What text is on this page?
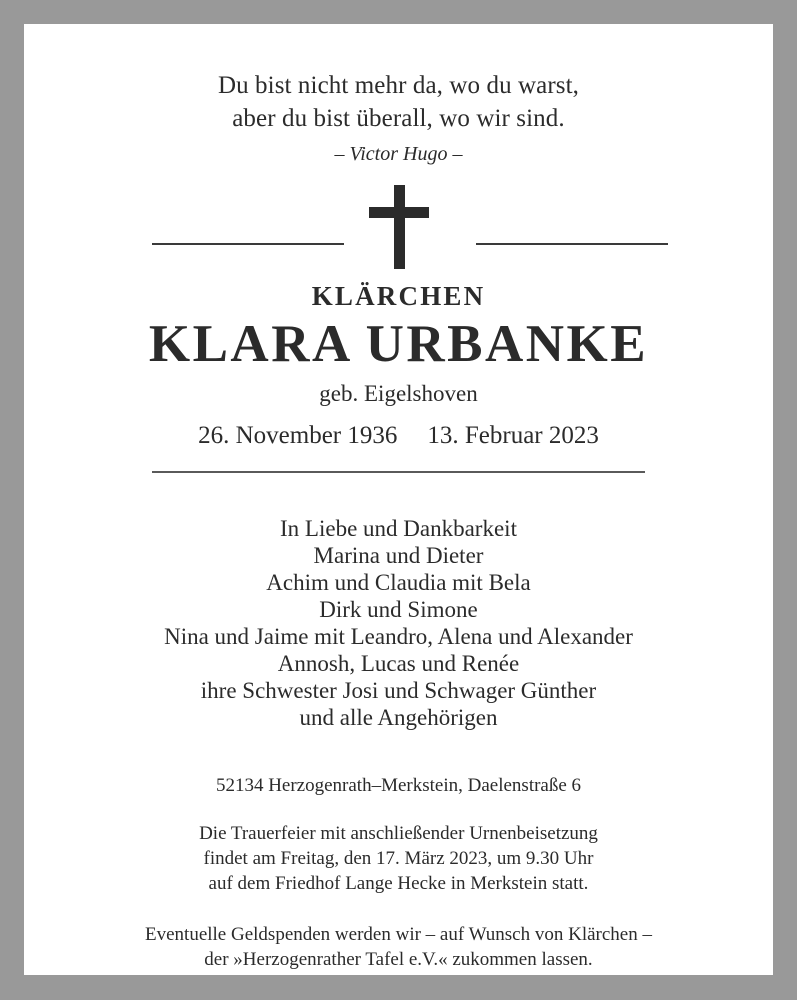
Du bist nicht mehr da, wo du warst,
aber du bist überall, wo wir sind.
– Victor Hugo –
KLÄRCHEN
KLARA URBANKE
geb. Eigelshoven
26. November 1936 13. Februar 2023
In Liebe und Dankbarkeit
Marina und Dieter
Achim und Claudia mit Bela
Dirk und Simone
Nina und Jaime mit Leandro, Alena und Alexander
Annosh, Lucas und Renée
ihre Schwester Josi und Schwager Günther
und alle Angehörigen
52134 Herzogenrath–Merkstein, Daelenstraße 6
Die Trauerfeier mit anschließender Urnenbeisetzung
findet am Freitag, den 17. März 2023, um 9.30 Uhr
auf dem Friedhof Lange Hecke in Merkstein statt.
Eventuelle Geldspenden werden wir – auf Wunsch von Klärchen –
der »Herzogenrather Tafel e.V.« zukommen lassen.
